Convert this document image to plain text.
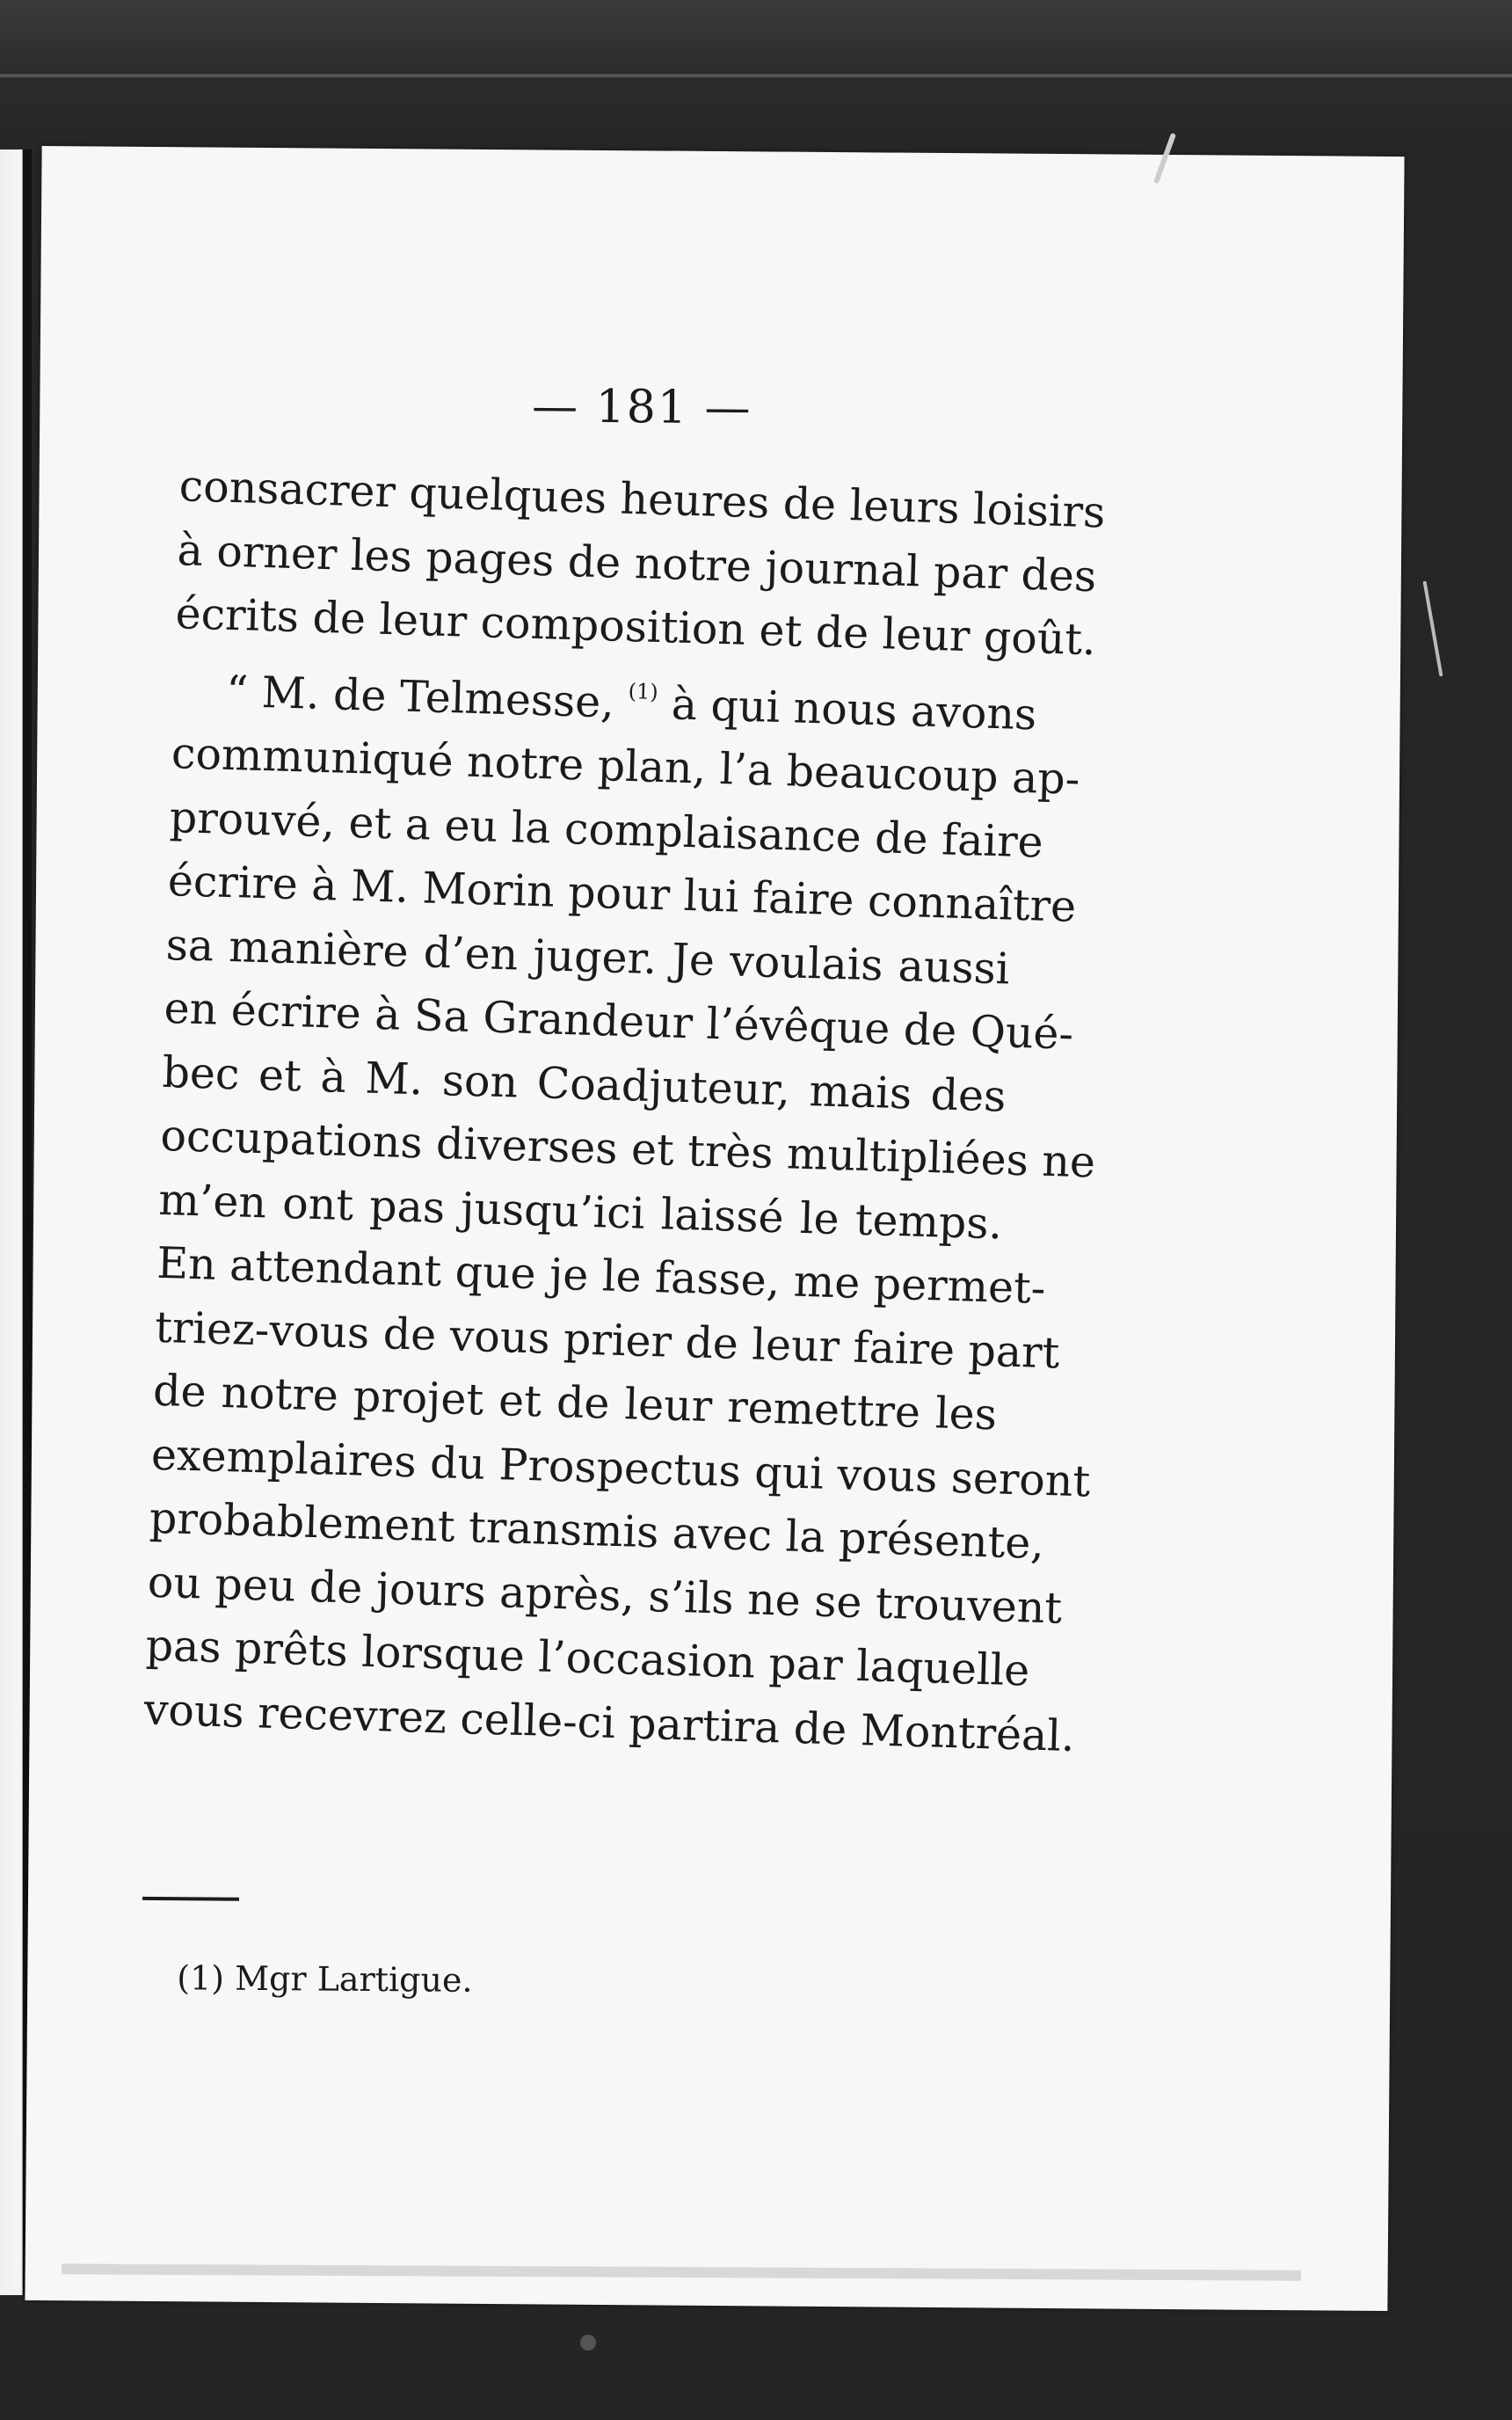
— 181 —
consacrer quelques heures de leurs loisirs
à orner les pages de notre journal par des
écrits de leur composition et de leur goût.
“ M. de Telmesse, $^{(1)}$ à qui nous avons
communiqué notre plan, l’a beaucoup ap-
prouvé, et a eu la complaisance de faire
écrire à M. Morin pour lui faire connaître
sa manière d’en juger. Je voulais aussi
en écrire à Sa Grandeur l’évêque de Qué-
bec et à M. son Coadjuteur, mais des
occupations diverses et très multipliées ne
m’en ont pas jusqu’ici laissé le temps.
En attendant que je le fasse, me permet-
triez-vous de vous prier de leur faire part
de notre projet et de leur remettre les
exemplaires du Prospectus qui vous seront
probablement transmis avec la présente,
ou peu de jours après, s’ils ne se trouvent
pas prêts lorsque l’occasion par laquelle
vous recevrez celle-ci partira de Montréal.
(1) Mgr Lartigue.
